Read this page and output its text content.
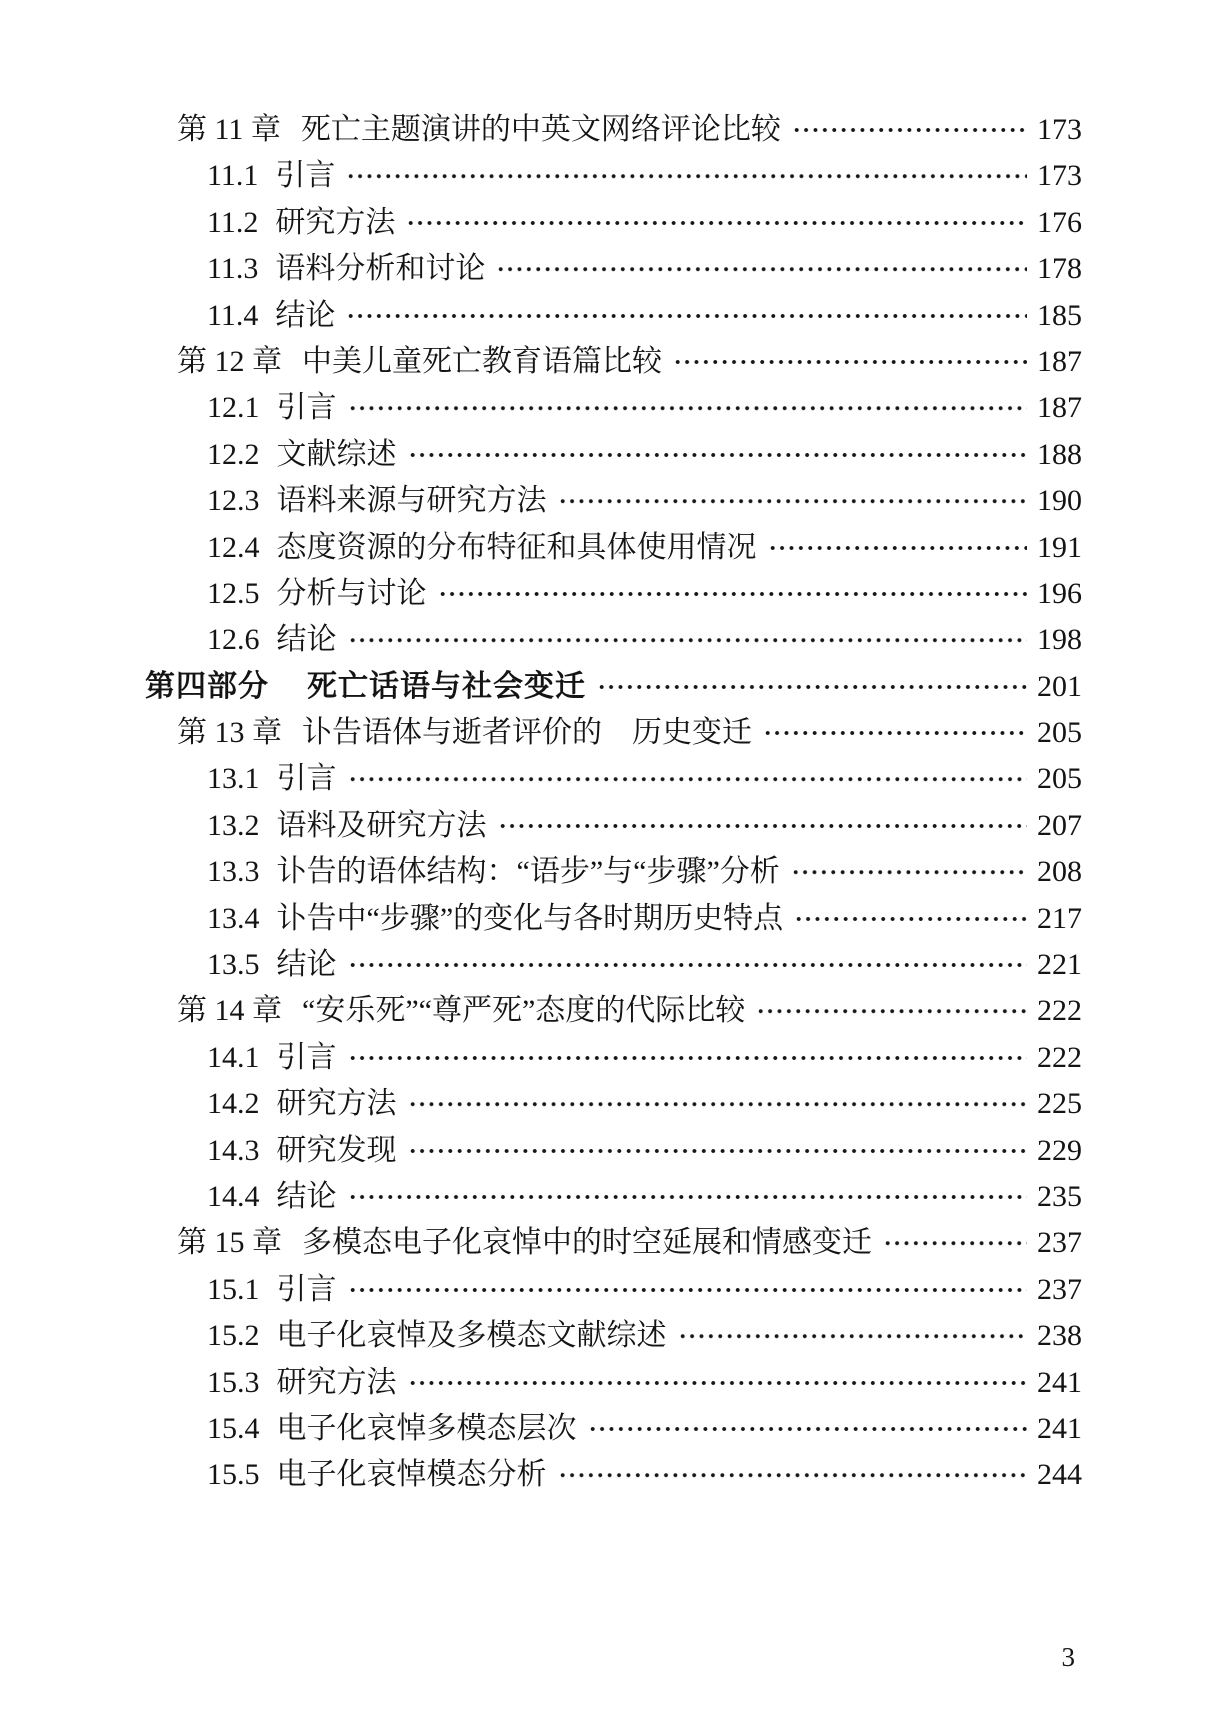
第 11 章 死亡主题演讲的中英文网络评论比较	173
11.1 引言	173
11.2 研究方法	176
11.3 语料分析和讨论	178
11.4 结论	185
第 12 章 中美儿童死亡教育语篇比较	187
12.1 引言	187
12.2 文献综述	188
12.3 语料来源与研究方法	190
12.4 态度资源的分布特征和具体使用情况	191
12.5 分析与讨论	196
12.6 结论	198
第四部分 死亡话语与社会变迁	201
第 13 章 讣告语体与逝者评价的　历史变迁	205
13.1 引言	205
13.2 语料及研究方法	207
13.3 讣告的语体结构：“语步”与“步骤”分析	208
13.4 讣告中“步骤”的变化与各时期历史特点	217
13.5 结论	221
第 14 章 “安乐死”“尊严死”态度的代际比较	222
14.1 引言	222
14.2 研究方法	225
14.3 研究发现	229
14.4 结论	235
第 15 章 多模态电子化哀悼中的时空延展和情感变迁	237
15.1 引言	237
15.2 电子化哀悼及多模态文献综述	238
15.3 研究方法	241
15.4 电子化哀悼多模态层次	241
15.5 电子化哀悼模态分析	244
3
